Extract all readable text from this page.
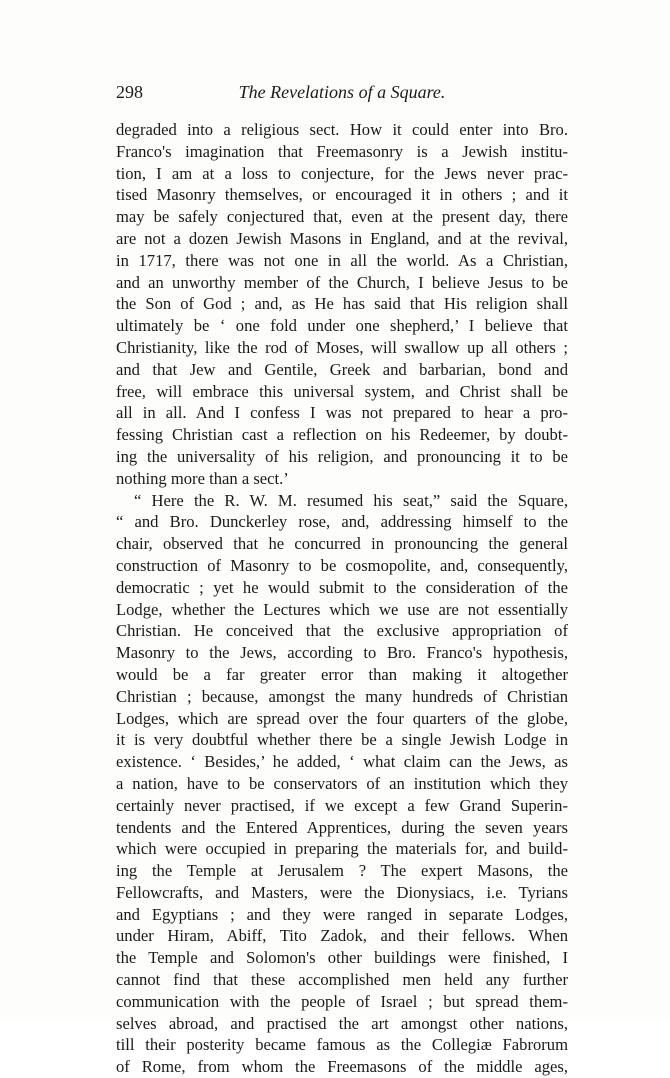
298	The Revelations of a Square.
degraded into a religious sect. How it could enter into Bro.
Franco's imagination that Freemasonry is a Jewish institu-
tion, I am at a loss to conjecture, for the Jews never prac-
tised Masonry themselves, or encouraged it in others ; and it
may be safely conjectured that, even at the present day, there
are not a dozen Jewish Masons in England, and at the revival,
in 1717, there was not one in all the world. As a Christian,
and an unworthy member of the Church, I believe Jesus to be
the Son of God ; and, as He has said that His religion shall
ultimately be ‘ one fold under one shepherd,’ I believe that
Christianity, like the rod of Moses, will swallow up all others ;
and that Jew and Gentile, Greek and barbarian, bond and
free, will embrace this universal system, and Christ shall be
all in all. And I confess I was not prepared to hear a pro-
fessing Christian cast a reflection on his Redeemer, by doubt-
ing the universality of his religion, and pronouncing it to be
nothing more than a sect.’
“ Here the R. W. M. resumed his seat,” said the Square,
“ and Bro. Dunckerley rose, and, addressing himself to the
chair, observed that he concurred in pronouncing the general
construction of Masonry to be cosmopolite, and, consequently,
democratic ; yet he would submit to the consideration of the
Lodge, whether the Lectures which we use are not essentially
Christian. He conceived that the exclusive appropriation of
Masonry to the Jews, according to Bro. Franco's hypothesis,
would be a far greater error than making it altogether
Christian ; because, amongst the many hundreds of Christian
Lodges, which are spread over the four quarters of the globe,
it is very doubtful whether there be a single Jewish Lodge in
existence. ‘ Besides,’ he added, ‘ what claim can the Jews, as
a nation, have to be conservators of an institution which they
certainly never practised, if we except a few Grand Superin-
tendents and the Entered Apprentices, during the seven years
which were occupied in preparing the materials for, and build-
ing the Temple at Jerusalem ? The expert Masons, the
Fellowcrafts, and Masters, were the Dionysiacs, i.e. Tyrians
and Egyptians ; and they were ranged in separate Lodges,
under Hiram, Abiff, Tito Zadok, and their fellows. When
the Temple and Solomon's other buildings were finished, I
cannot find that these accomplished men held any further
communication with the people of Israel ; but spread them-
selves abroad, and practised the art amongst other nations,
till their posterity became famous as the Collegiæ Fabrorum
of Rome, from whom the Freemasons of the middle ages,
